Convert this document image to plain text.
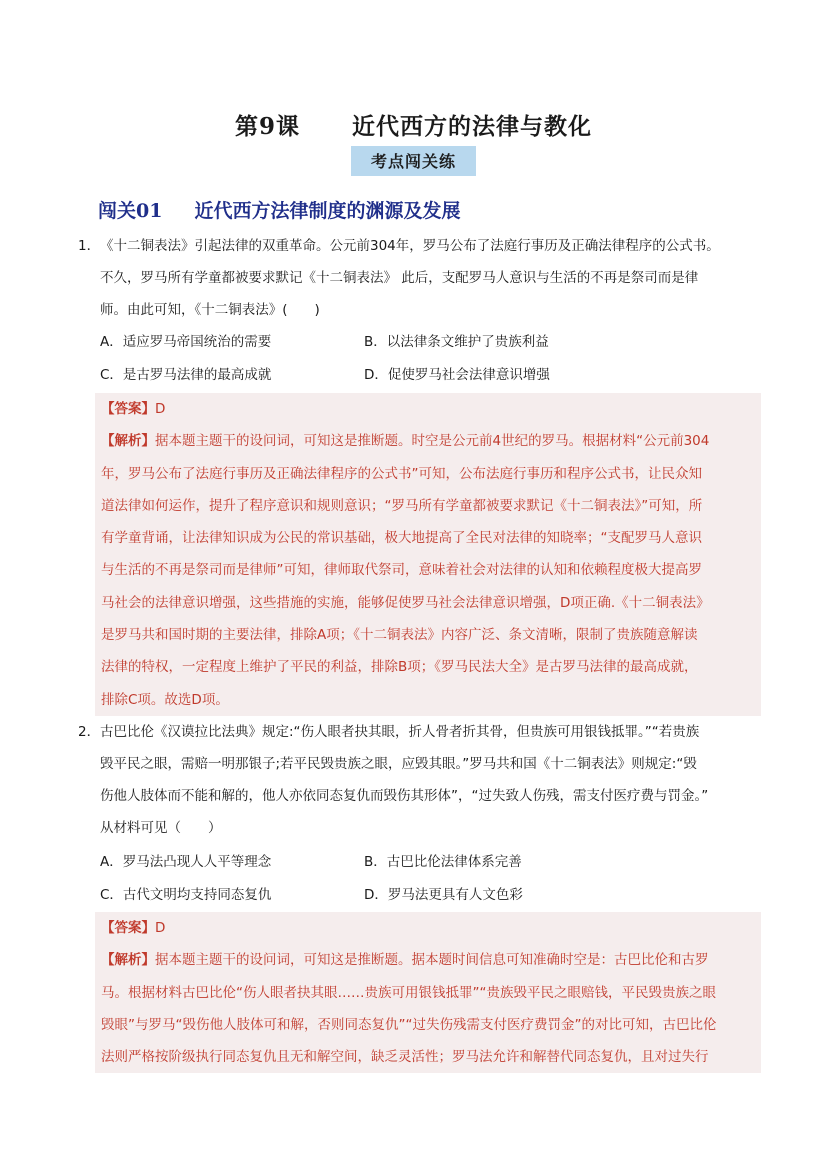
第9课 近代西方的法律与教化
考点闯关练
闯关01 近代西方法律制度的渊源及发展
1．《十二铜表法》引起法律的双重革命。公元前304年，罗马公布了法庭行事历及正确法律程序的公式书。
不久，罗马所有学童都被要求默记《十二铜表法》 此后，支配罗马人意识与生活的不再是祭司而是律
师。由此可知，《十二铜表法》(　　)
A．适应罗马帝国统治的需要	B．以法律条文维护了贵族利益
C．是古罗马法律的最高成就	D．促使罗马社会法律意识增强
【答案】D
【解析】据本题主题干的设问词，可知这是推断题。时空是公元前4世纪的罗马。根据材料“公元前304
年，罗马公布了法庭行事历及正确法律程序的公式书”可知，公布法庭行事历和程序公式书，让民众知
道法律如何运作，提升了程序意识和规则意识；“罗马所有学童都被要求默记《十二铜表法》”可知，所
有学童背诵，让法律知识成为公民的常识基础，极大地提高了全民对法律的知晓率；“支配罗马人意识
与生活的不再是祭司而是律师”可知，律师取代祭司，意味着社会对法律的认知和依赖程度极大提高罗
马社会的法律意识增强，这些措施的实施，能够促使罗马社会法律意识增强，D项正确.《十二铜表法》
是罗马共和国时期的主要法律，排除A项；《十二铜表法》内容广泛、条文清晰，限制了贵族随意解读
法律的特权，一定程度上维护了平民的利益，排除B项；《罗马民法大全》是古罗马法律的最高成就，
排除C项。故选D项。
2．古巴比伦《汉谟拉比法典》规定:“伤人眼者抉其眼，折人骨者折其骨，但贵族可用银钱抵罪。”“若贵族
毁平民之眼，需赔一明那银子;若平民毁贵族之眼，应毁其眼。”罗马共和国《十二铜表法》则规定:“毁
伤他人肢体而不能和解的，他人亦依同态复仇而毁伤其形体”，“过失致人伤残，需支付医疗费与罚金。”
从材料可见（　　）
A．罗马法凸现人人平等理念	B．古巴比伦法律体系完善
C．古代文明均支持同态复仇	D．罗马法更具有人文色彩
【答案】D
【解析】据本题主题干的设问词，可知这是推断题。据本题时间信息可知准确时空是：古巴比伦和古罗
马。根据材料古巴比伦“伤人眼者抉其眼……贵族可用银钱抵罪”“贵族毁平民之眼赔钱，平民毁贵族之眼
毁眼”与罗马“毁伤他人肢体可和解，否则同态复仇”“过失伤残需支付医疗费罚金”的对比可知，古巴比伦
法则严格按阶级执行同态复仇且无和解空间，缺乏灵活性；罗马法允许和解替代同态复仇，且对过失行
